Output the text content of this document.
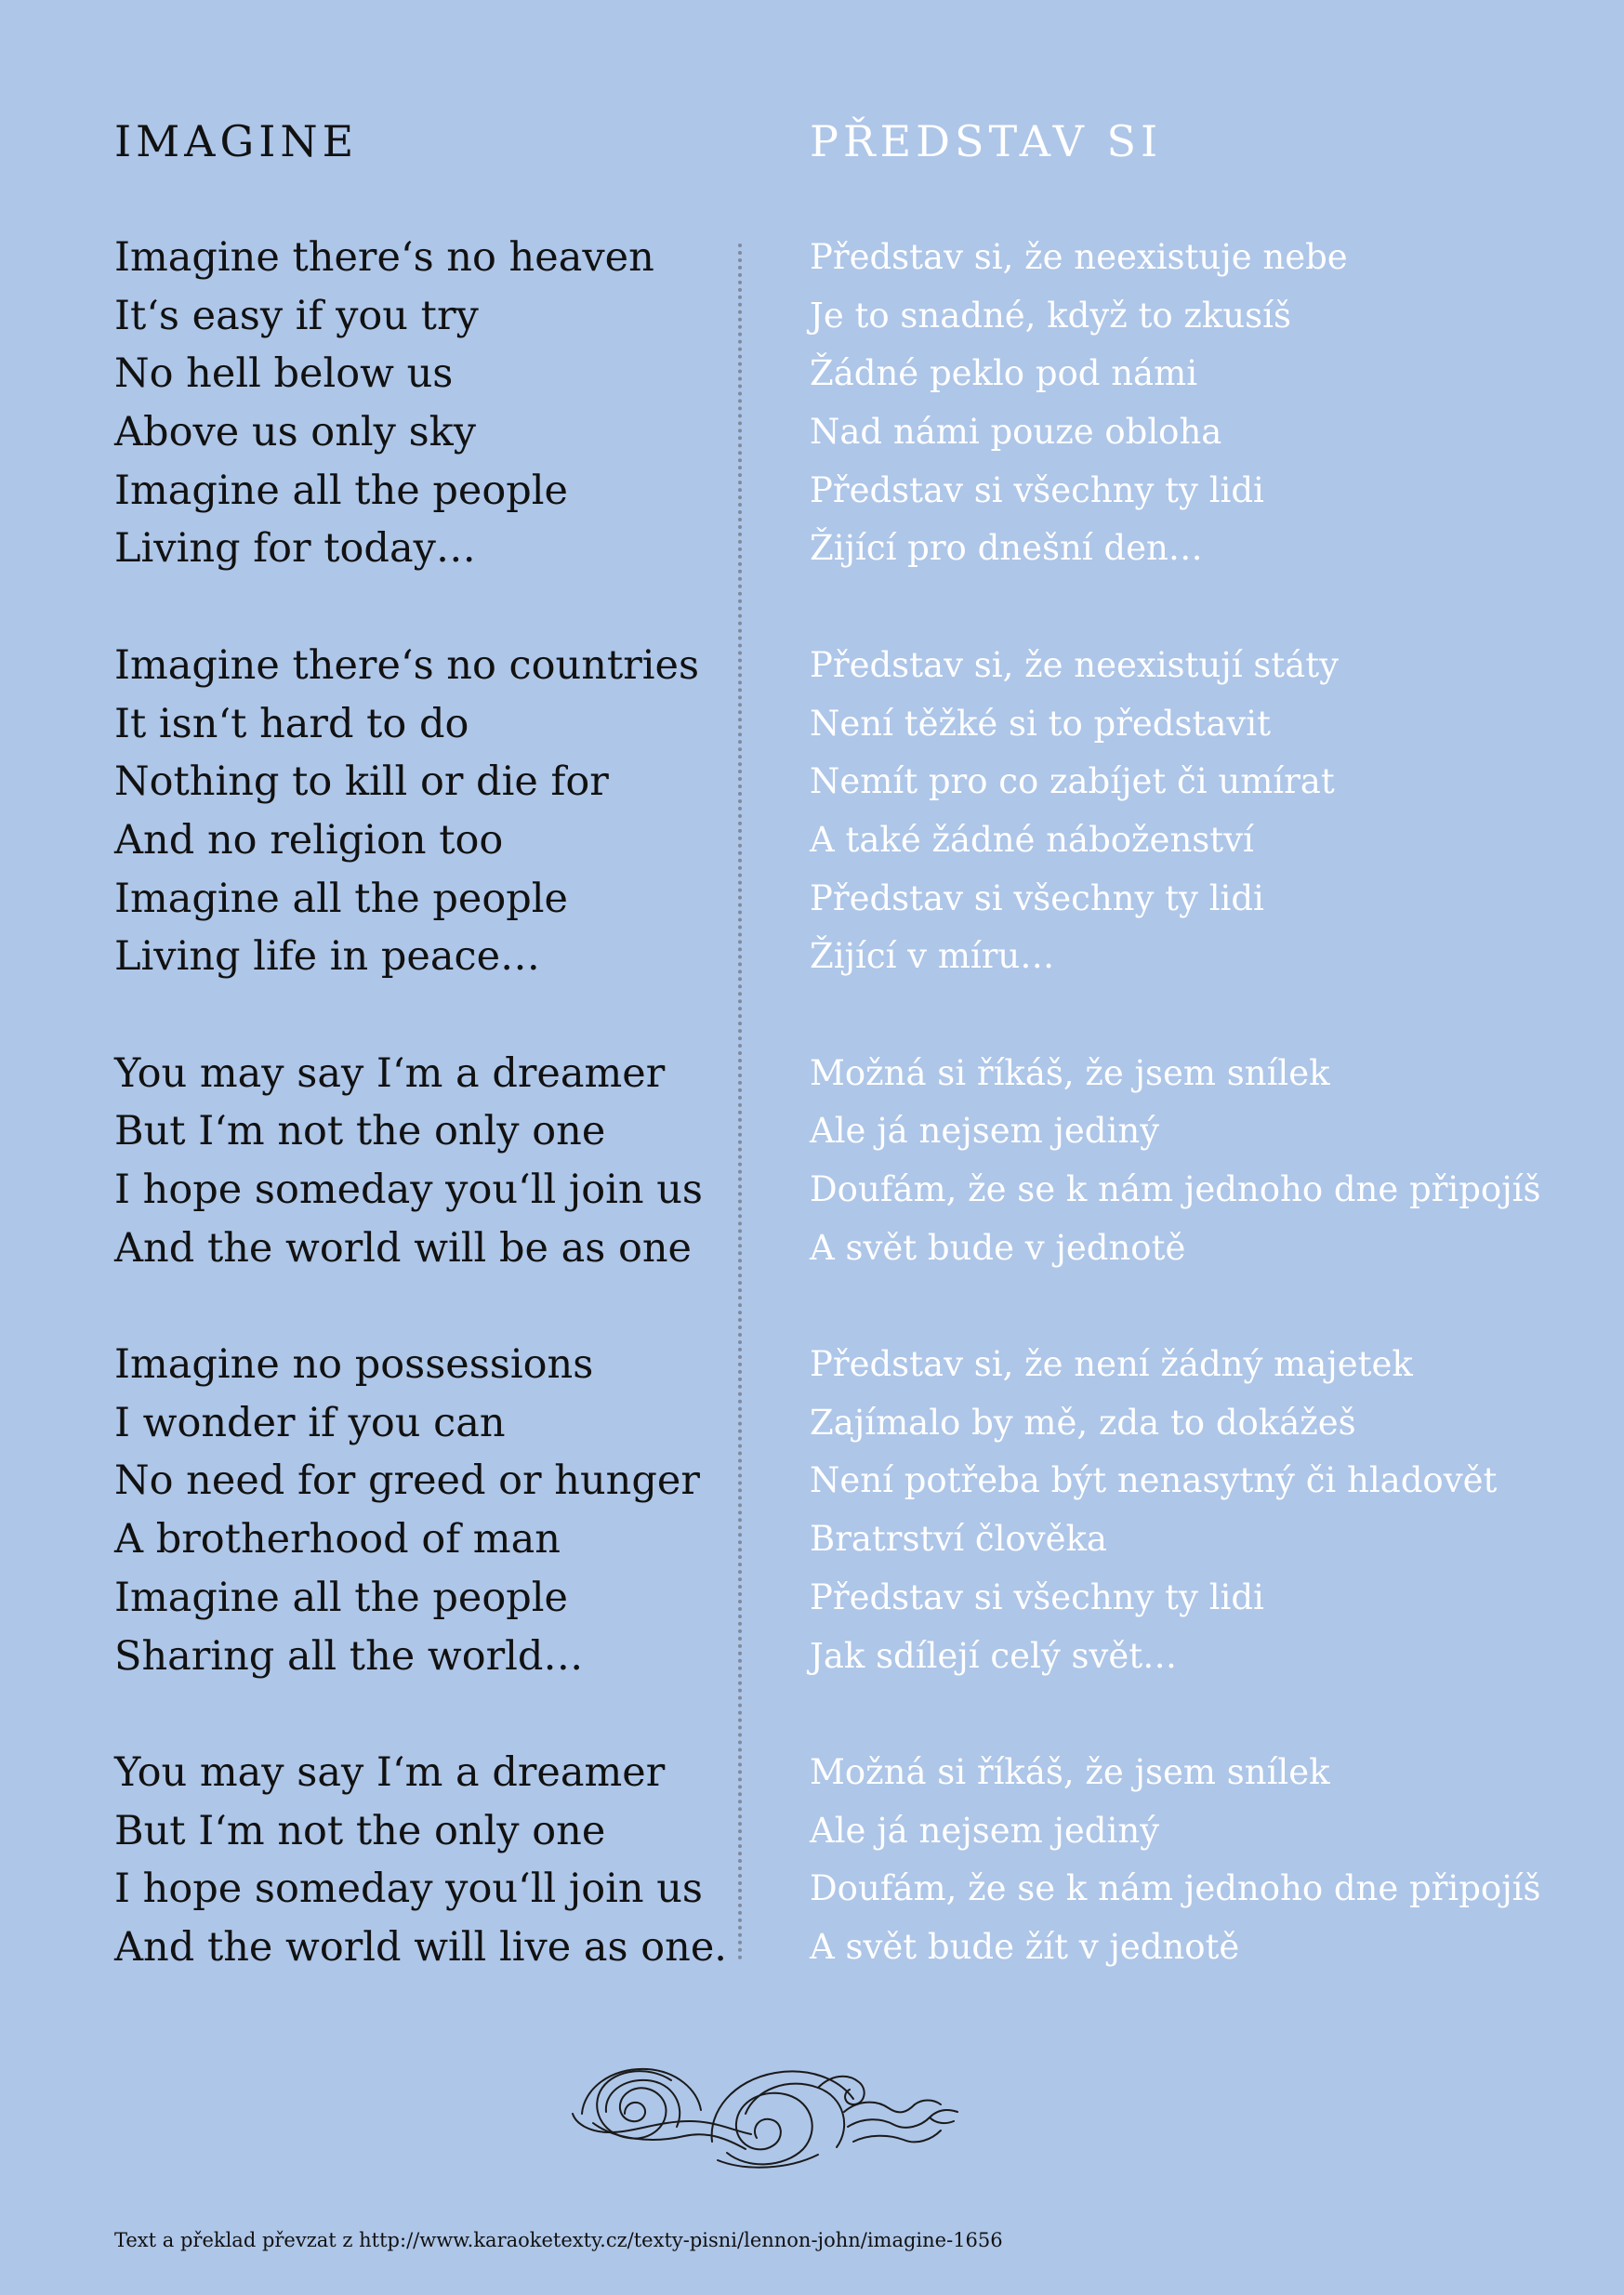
IMAGINE
Imagine there‘s no heaven
It‘s easy if you try
No hell below us
Above us only sky
Imagine all the people
Living for today…
Imagine there‘s no countries
It isn‘t hard to do
Nothing to kill or die for
And no religion too
Imagine all the people
Living life in peace…
You may say I‘m a dreamer
But I‘m not the only one
I hope someday you‘ll join us
And the world will be as one
Imagine no possessions
I wonder if you can
No need for greed or hunger
A brotherhood of man
Imagine all the people
Sharing all the world…
You may say I‘m a dreamer
But I‘m not the only one
I hope someday you‘ll join us
And the world will live as one.
PŘEDSTAV SI
Představ si, že neexistuje nebe
Je to snadné, když to zkusíš
Žádné peklo pod námi
Nad námi pouze obloha
Představ si všechny ty lidi
Žijící pro dnešní den…
Představ si, že neexistují státy
Není těžké si to představit
Nemít pro co zabíjet či umírat
A také žádné náboženství
Představ si všechny ty lidi
Žijící v míru…
Možná si říkáš, že jsem snílek
Ale já nejsem jediný
Doufám, že se k nám jednoho dne připojíš
A svět bude v jednotě
Představ si, že není žádný majetek
Zajímalo by mě, zda to dokážeš
Není potřeba být nenasytný či hladovět
Bratrství člověka
Představ si všechny ty lidi
Jak sdílejí celý svět…
Možná si říkáš, že jsem snílek
Ale já nejsem jediný
Doufám, že se k nám jednoho dne připojíš
A svět bude žít v jednotě
Text a překlad převzat z http://www.karaoketexty.cz/texty-pisni/lennon-john/imagine-1656
